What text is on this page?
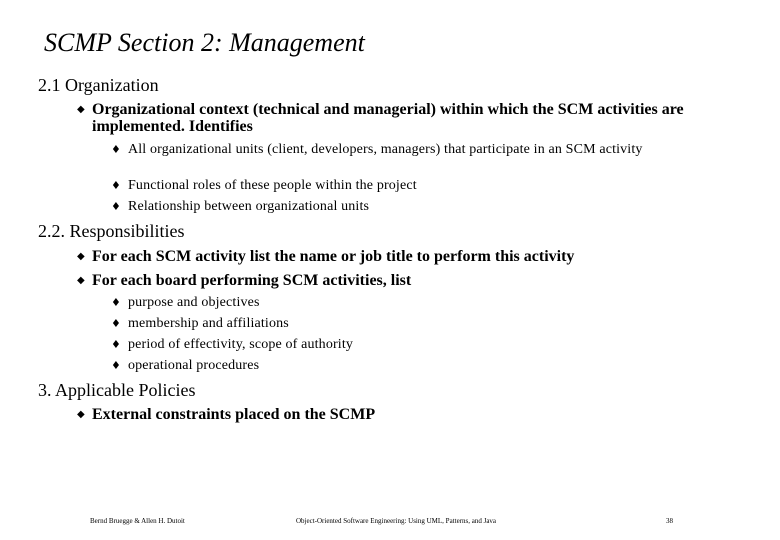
SCMP Section 2: Management
2.1 Organization
◆ Organizational context (technical and managerial) within which the SCM activities are implemented. Identifies
♦ All organizational units (client, developers, managers) that participate in an SCM activity
♦ Functional roles of these people within the project
♦ Relationship between organizational units
2.2. Responsibilities
◆ For each SCM activity list the name or job title to perform this activity
◆ For each board performing SCM activities, list
♦ purpose and objectives
♦ membership and affiliations
♦ period of effectivity, scope of authority
♦ operational procedures
3. Applicable Policies
◆ External constraints placed on the SCMP
Bernd Bruegge & Allen H. Dutoit	Object-Oriented Software Engineering: Using UML, Patterns, and Java	38
